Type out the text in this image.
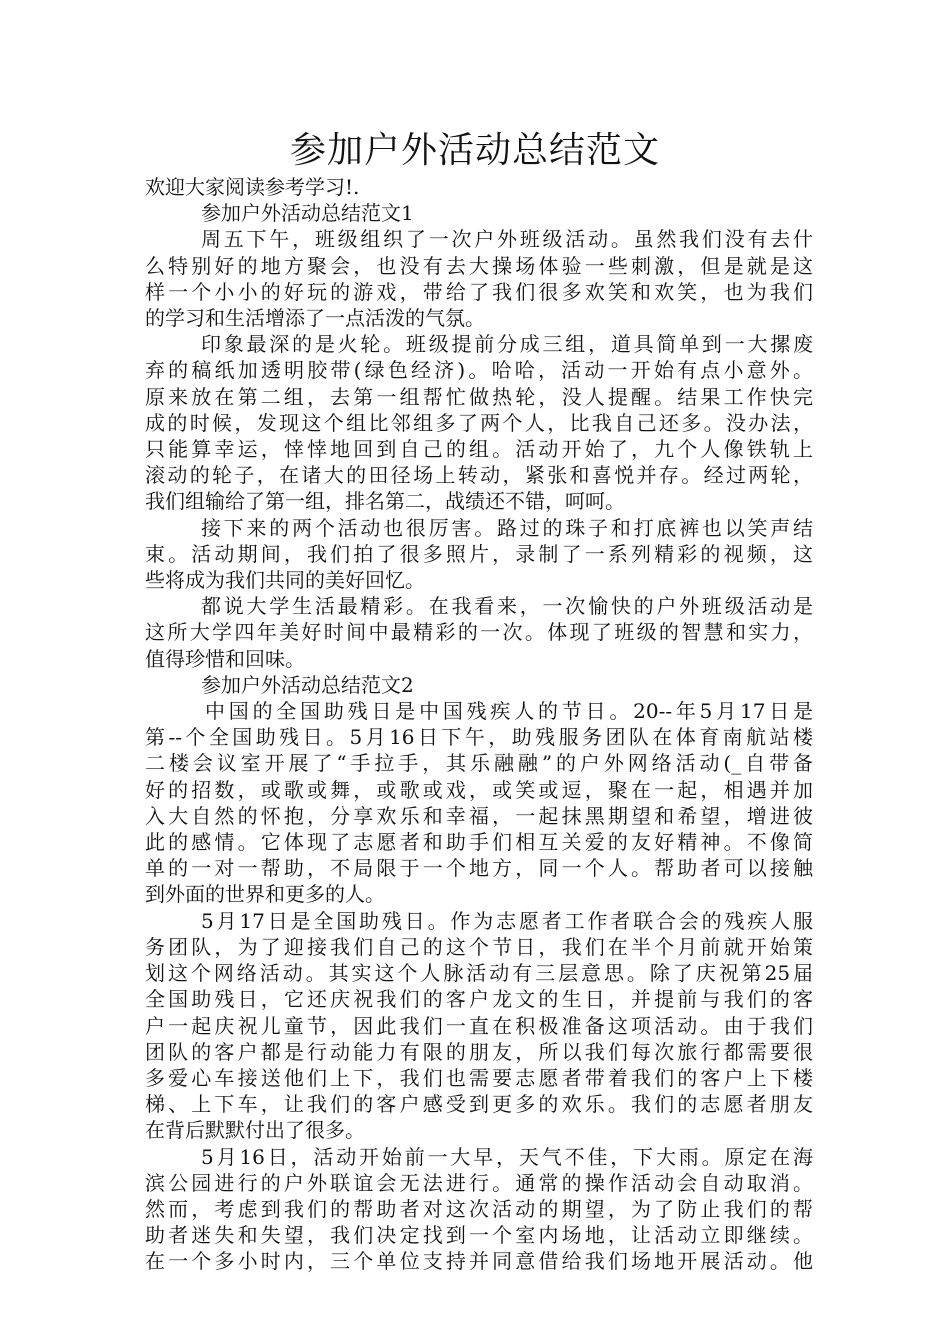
参加户外活动总结范文
欢迎大家阅读参考学习!.
参加户外活动总结范文1
周五下午，班级组织了一次户外班级活动。虽然我们没有去什
么特别好的地方聚会，也没有去大操场体验一些刺激，但是就是这
样一个小小的好玩的游戏，带给了我们很多欢笑和欢笑，也为我们
的学习和生活增添了一点活泼的气氛。
印象最深的是火轮。班级提前分成三组，道具简单到一大摞废
弃的稿纸加透明胶带(绿色经济)。哈哈，活动一开始有点小意外。
原来放在第二组，去第一组帮忙做热轮，没人提醒。结果工作快完
成的时候，发现这个组比邻组多了两个人，比我自己还多。没办法，
只能算幸运，悻悻地回到自己的组。活动开始了，九个人像铁轨上
滚动的轮子，在诸大的田径场上转动，紧张和喜悦并存。经过两轮，
我们组输给了第一组，排名第二，战绩还不错，呵呵。
接下来的两个活动也很厉害。路过的珠子和打底裤也以笑声结
束。活动期间，我们拍了很多照片，录制了一系列精彩的视频，这
些将成为我们共同的美好回忆。
都说大学生活最精彩。在我看来，一次愉快的户外班级活动是
这所大学四年美好时间中最精彩的一次。体现了班级的智慧和实力，
值得珍惜和回味。
参加户外活动总结范文2
中国的全国助残日是中国残疾人的节日。20--年5月17日是
第--个全国助残日。5月16日下午，助残服务团队在体育南航站楼
二楼会议室开展了“手拉手，其乐融融”的户外网络活动(_自带备
好的招数，或歌或舞，或歌或戏，或笑或逗，聚在一起，相遇并加
入大自然的怀抱，分享欢乐和幸福，一起抹黑期望和希望，增进彼
此的感情。它体现了志愿者和助手们相互关爱的友好精神。不像简
单的一对一帮助，不局限于一个地方，同一个人。帮助者可以接触
到外面的世界和更多的人。
5月17日是全国助残日。作为志愿者工作者联合会的残疾人服
务团队，为了迎接我们自己的这个节日，我们在半个月前就开始策
划这个网络活动。其实这个人脉活动有三层意思。除了庆祝第25届
全国助残日，它还庆祝我们的客户龙文的生日，并提前与我们的客
户一起庆祝儿童节，因此我们一直在积极准备这项活动。由于我们
团队的客户都是行动能力有限的朋友，所以我们每次旅行都需要很
多爱心车接送他们上下，我们也需要志愿者带着我们的客户上下楼
梯、上下车，让我们的客户感受到更多的欢乐。我们的志愿者朋友
在背后默默付出了很多。
5月16日，活动开始前一大早，天气不佳，下大雨。原定在海
滨公园进行的户外联谊会无法进行。通常的操作活动会自动取消。
然而，考虑到我们的帮助者对这次活动的期望，为了防止我们的帮
助者迷失和失望，我们决定找到一个室内场地，让活动立即继续。
在一个多小时内，三个单位支持并同意借给我们场地开展活动。他
